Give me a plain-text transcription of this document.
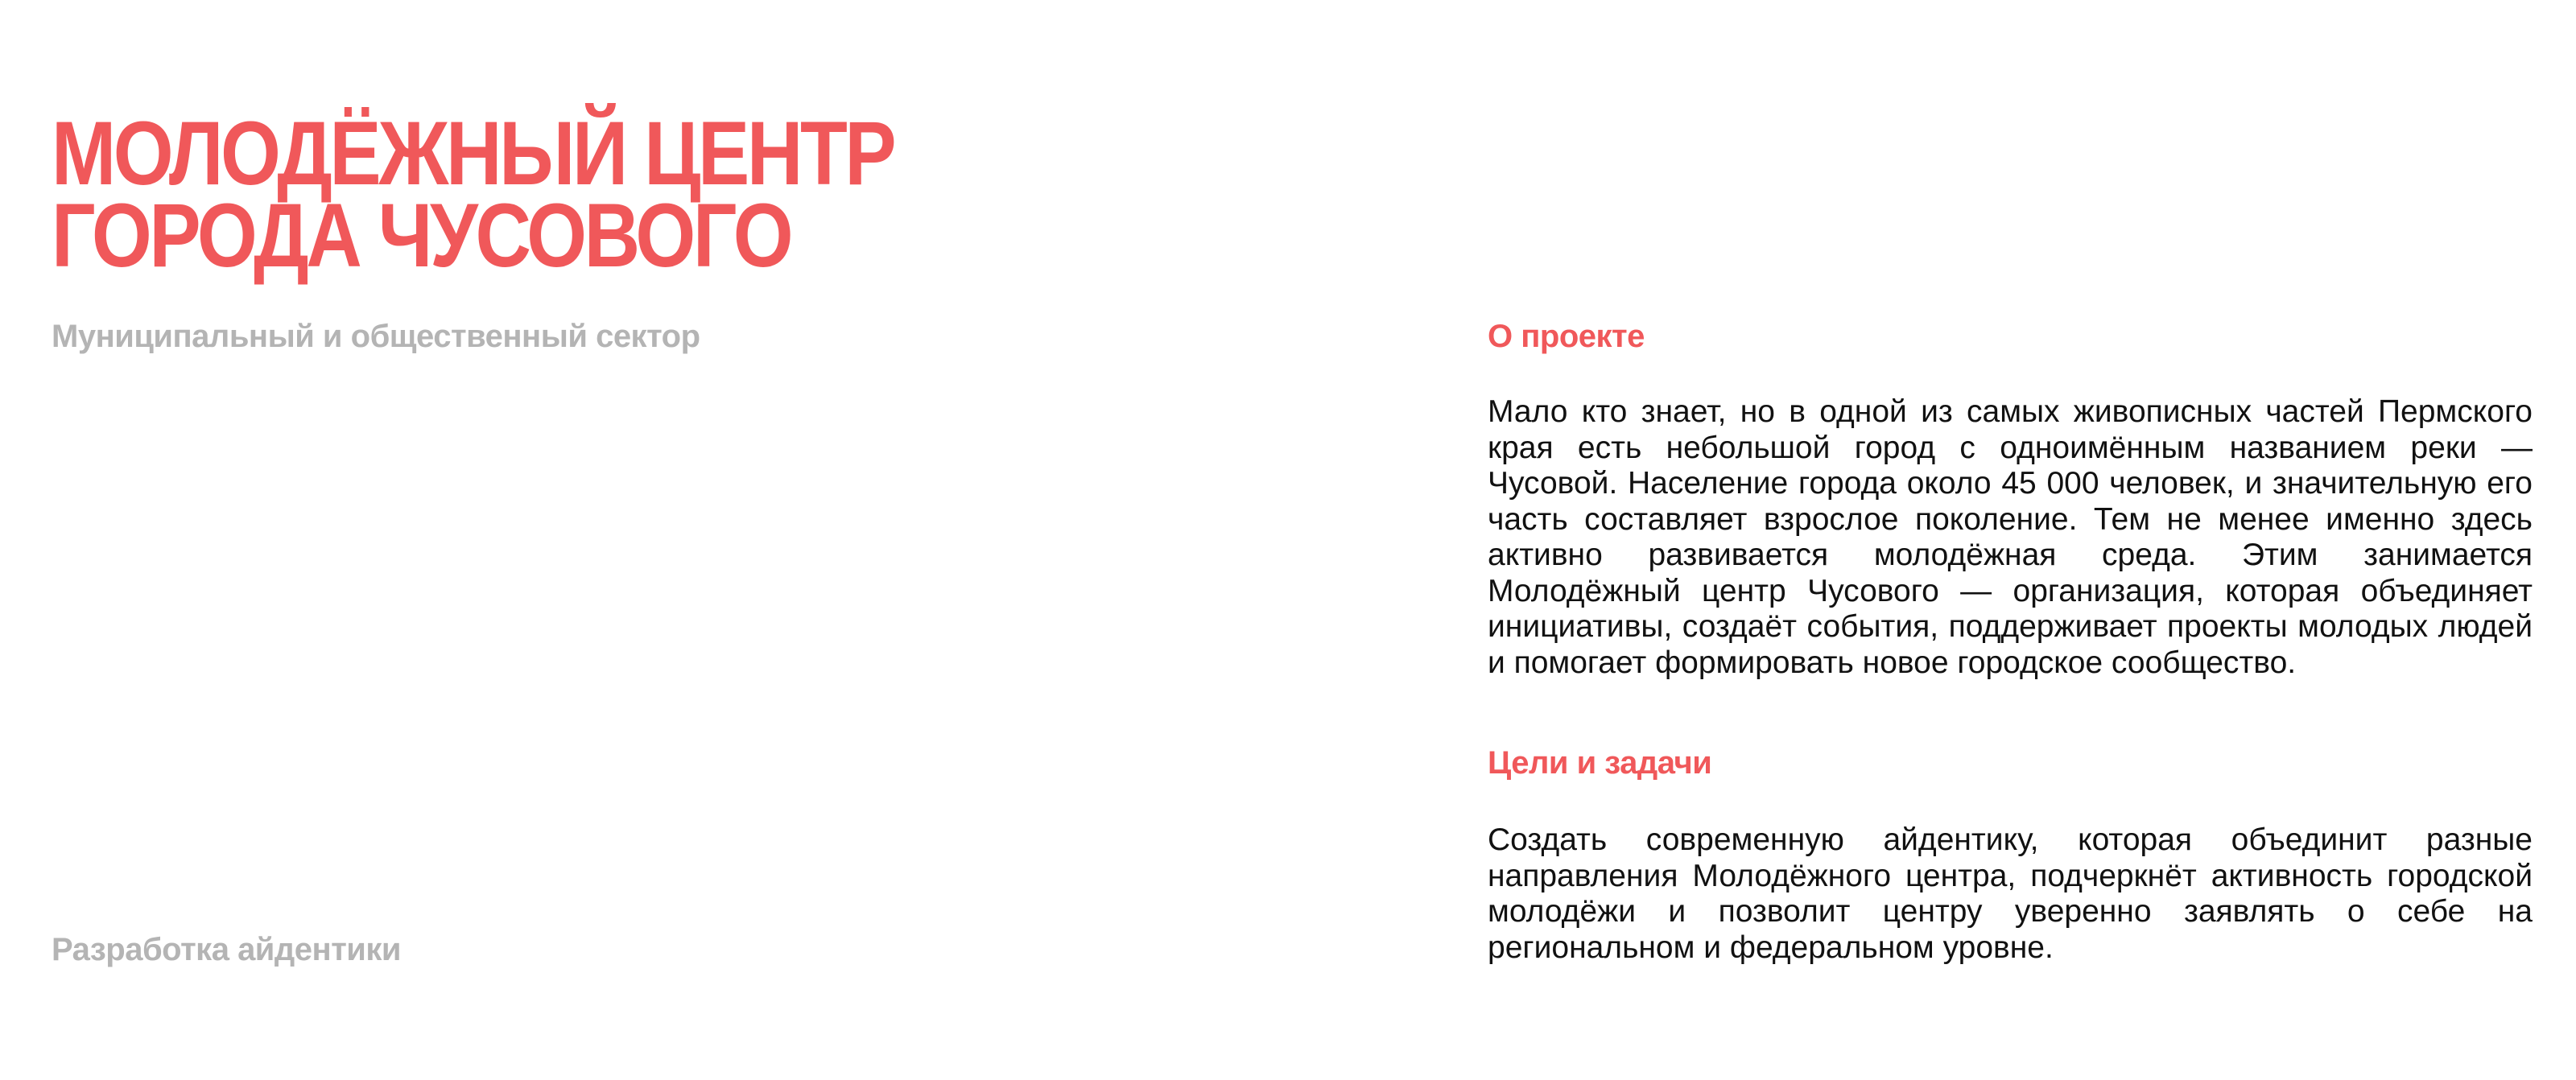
МОЛОДЁЖНЫЙ ЦЕНТР
ГОРОДА ЧУСОВОГО
Муниципальный и общественный сектор
Разработка айдентики
О проекте

Мало кто знает, но в одной из самых живописных частей Пермского края есть небольшой город с одноимённым названием реки — Чусовой. Население города около 45 000 человек, и значительную его часть составляет взрослое поколение. Тем не менее именно здесь активно развивается молодёжная среда. Этим занимается Молодёжный центр Чусового — организация, которая объединяет инициативы, создаёт события, поддерживает проекты молодых людей и помогает формировать новое городское сообщество.

Цели и задачи

Создать современную айдентику, которая объединит разные направления Молодёжного центра, подчеркнёт активность городской молодёжи и позволит центру уверенно заявлять о себе на региональном и федеральном уровне.
